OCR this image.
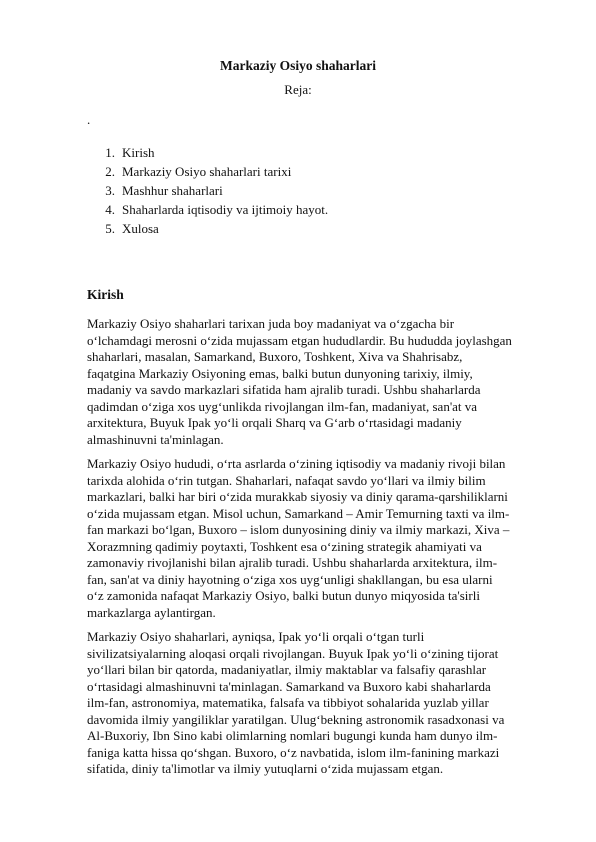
Markaziy Osiyo shaharlari
Reja:
.
1. Kirish
2. Markaziy Osiyo shaharlari tarixi
3. Mashhur shaharlari
4. Shaharlarda iqtisodiy va ijtimoiy hayot.
5. Xulosa
Kirish

Markaziy Osiyo shaharlari tarixan juda boy madaniyat va oʻzgacha bir oʻlchamdagi merosni oʻzida mujassam etgan hududlardir. Bu hududda joylashgan shaharlari, masalan, Samarkand, Buxoro, Toshkent, Xiva va Shahrisabz, faqatgina Markaziy Osiyoning emas, balki butun dunyoning tarixiy, ilmiy, madaniy va savdo markazlari sifatida ham ajralib turadi. Ushbu shaharlarda qadimdan oʻziga xos uygʻunlikda rivojlangan ilm-fan, madaniyat, san'at va arxitektura, Buyuk Ipak yoʻli orqali Sharq va Gʻarb oʻrtasidagi madaniy almashinuvni ta'minlagan.

Markaziy Osiyo hududi, oʻrta asrlarda oʻzining iqtisodiy va madaniy rivoji bilan tarixda alohida oʻrin tutgan. Shaharlari, nafaqat savdo yoʻllari va ilmiy bilim markazlari, balki har biri oʻzida murakkab siyosiy va diniy qarama-qarshiliklarni oʻzida mujassam etgan. Misol uchun, Samarkand – Amir Temurning taxti va ilm-fan markazi boʻlgan, Buxoro – islom dunyosining diniy va ilmiy markazi, Xiva – Xorazmning qadimiy poytaxti, Toshkent esa oʻzining strategik ahamiyati va zamonaviy rivojlanishi bilan ajralib turadi. Ushbu shaharlarda arxitektura, ilm-fan, san'at va diniy hayotning oʻziga xos uygʻunligi shakllangan, bu esa ularni oʻz zamonida nafaqat Markaziy Osiyo, balki butun dunyo miqyosida ta'sirli markazlarga aylantirgan.

Markaziy Osiyo shaharlari, ayniqsa, Ipak yoʻli orqali oʻtgan turli sivilizatsiyalarning aloqasi orqali rivojlangan. Buyuk Ipak yoʻli oʻzining tijorat yoʻllari bilan bir qatorda, madaniyatlar, ilmiy maktablar va falsafiy qarashlar oʻrtasidagi almashinuvni ta'minlagan. Samarkand va Buxoro kabi shaharlarda ilm-fan, astronomiya, matematika, falsafa va tibbiyot sohalarida yuzlab yillar davomida ilmiy yangiliklar yaratilgan. Ulugʻbekning astronomik rasadxonasi va Al-Buxoriy, Ibn Sino kabi olimlarning nomlari bugungi kunda ham dunyo ilm-faniga katta hissa qoʻshgan. Buxoro, oʻz navbatida, islom ilm-fanining markazi sifatida, diniy ta'limotlar va ilmiy yutuqlarni oʻzida mujassam etgan.
